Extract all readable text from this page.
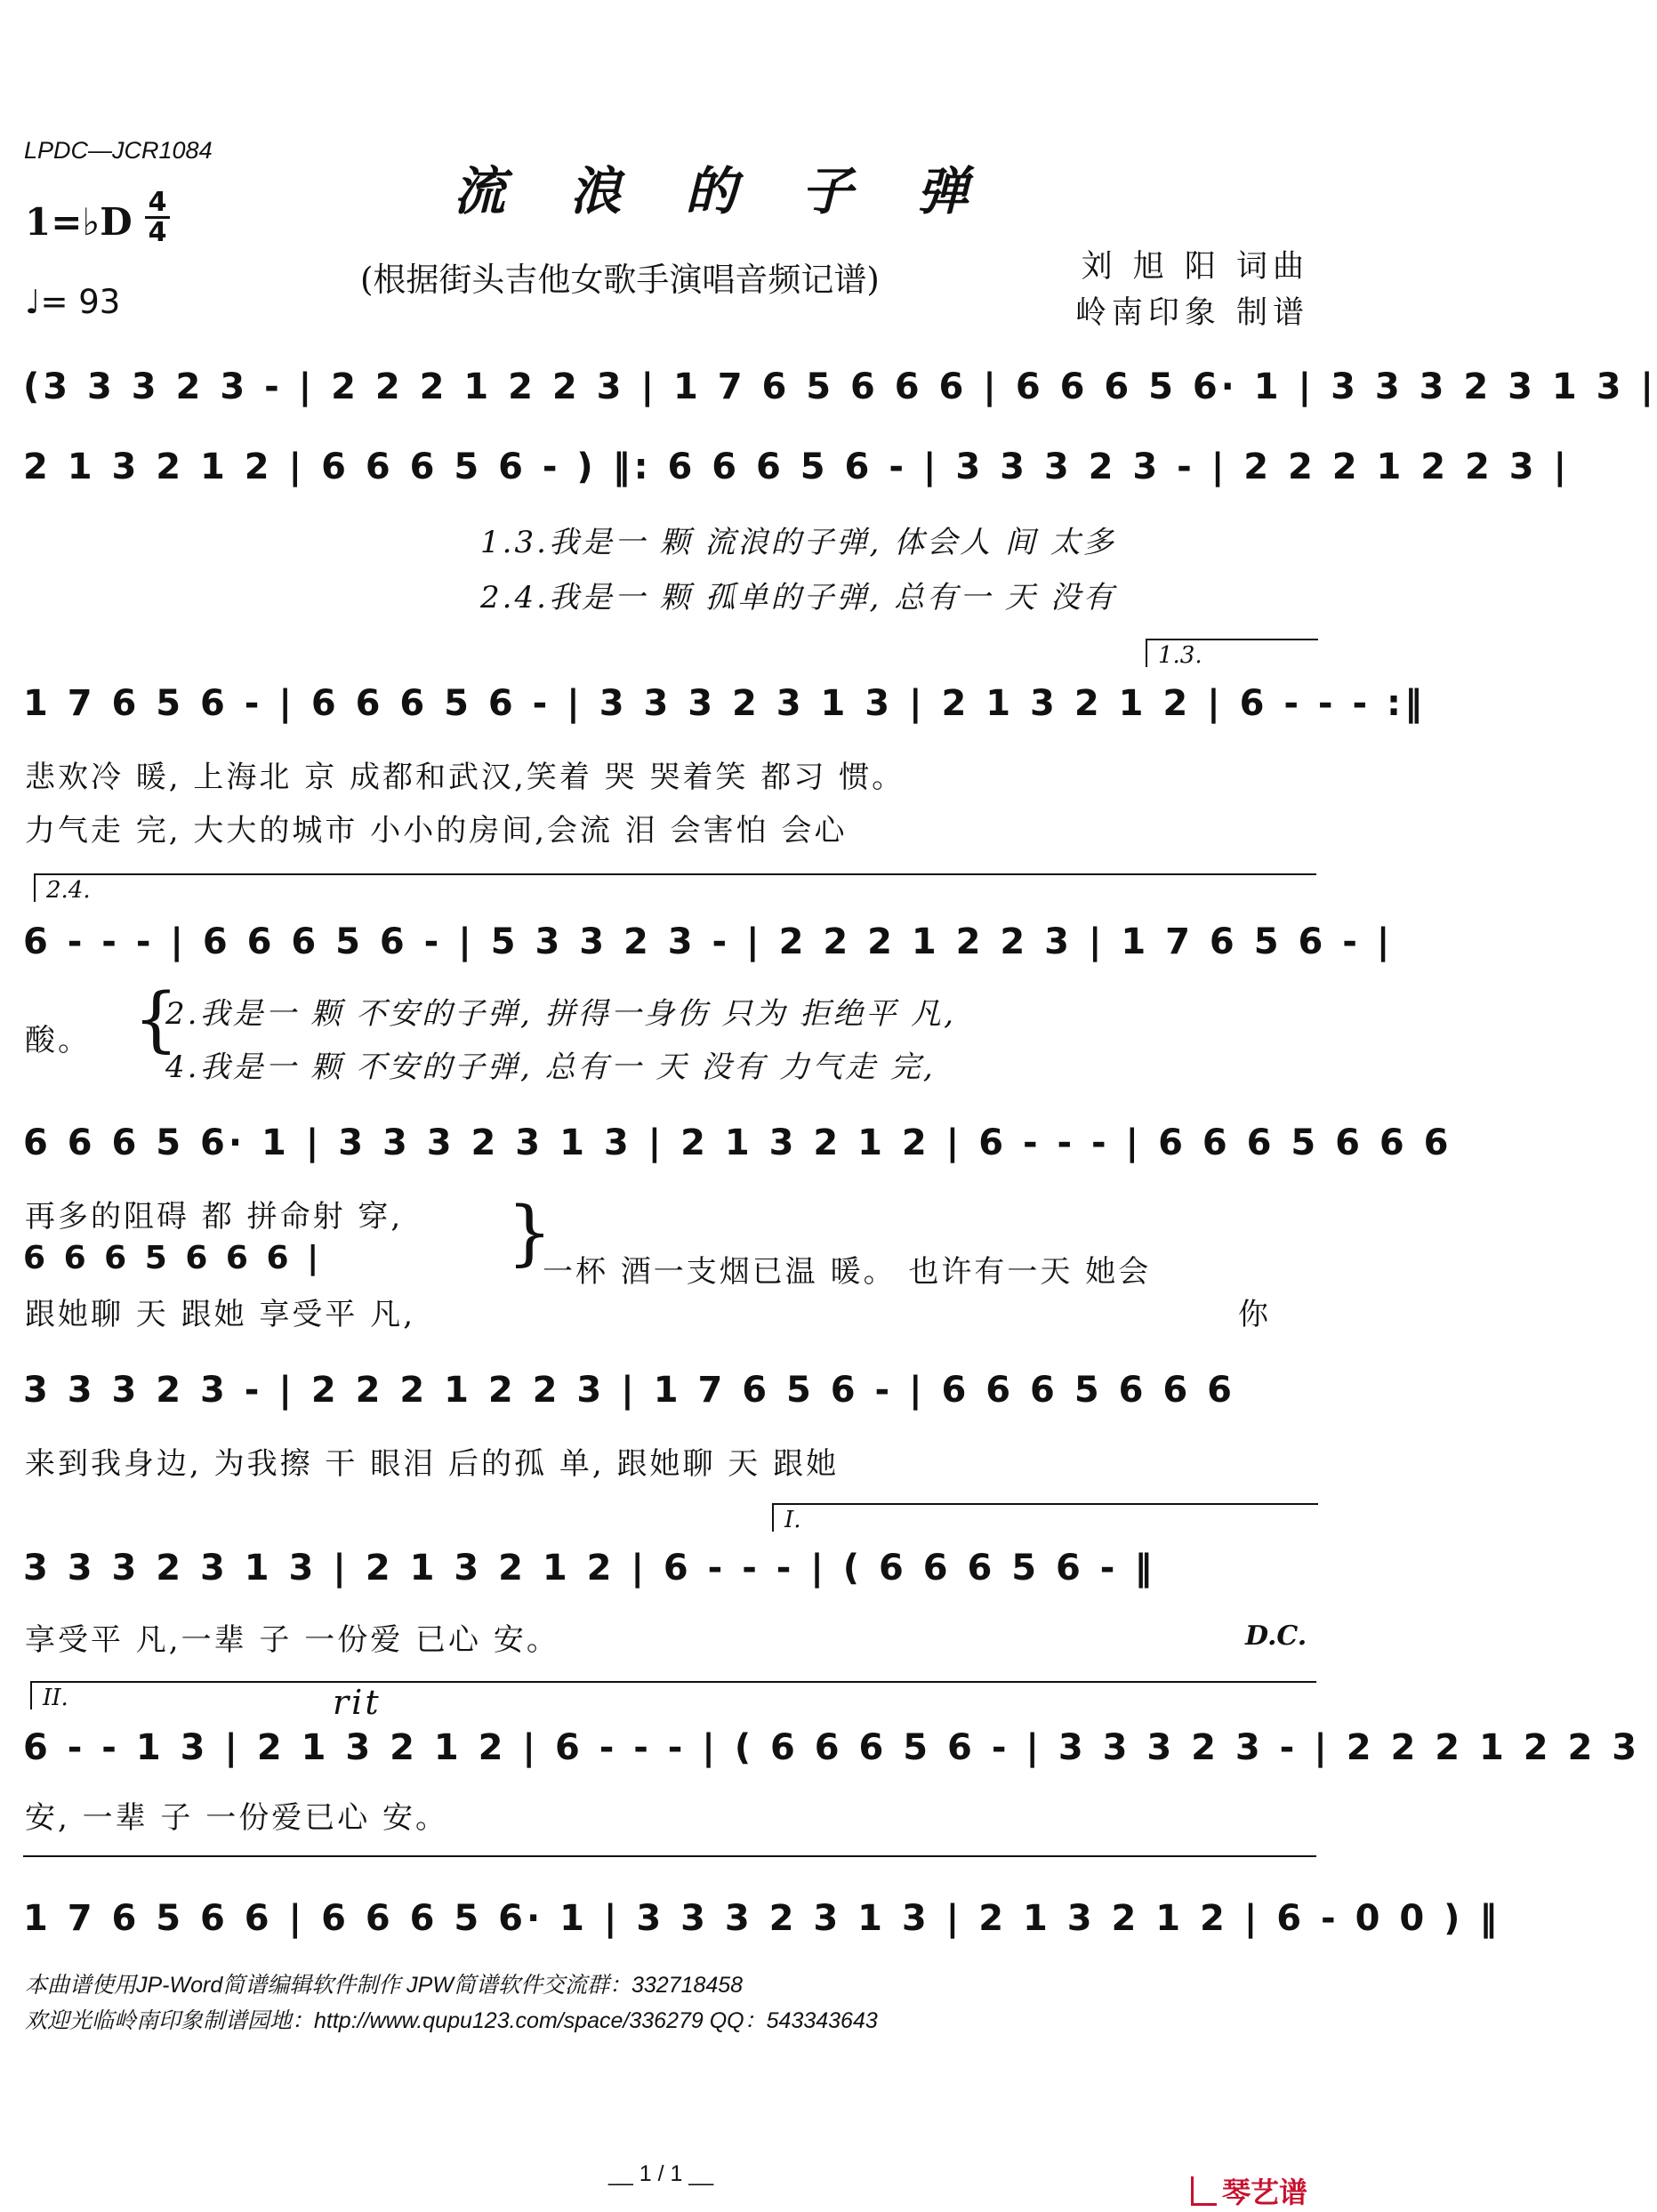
LPDC—JCR1084
流 浪 的 子 弹
(根据街头吉他女歌手演唱音频记谱)
1=♭D 4
4
♩= 93
刘 旭 阳 词曲
岭南印象 制谱
(3 3 3 2 3 - | 2 2 2 1 2 2 3 | 1 7 6 5 6 6 6 | 6 6 6 5 6· 1 | 3 3 3 2 3 1 3 |
2 1 3 2 1 2 | 6 6 6 5 6 - ) ‖: 6 6 6 5 6 - | 3 3 3 2 3 - | 2 2 2 1 2 2 3 |
1.3.我是一 颗 流浪的子弹, 体会人 间 太多
2.4.我是一 颗 孤单的子弹, 总有一 天 没有
1.3.
1 7 6 5 6 - | 6 6 6 5 6 - | 3 3 3 2 3 1 3 | 2 1 3 2 1 2 | 6 - - - :‖
悲欢冷 暖, 上海北 京 成都和武汉,笑着 哭 哭着笑 都习 惯。
力气走 完, 大大的城市 小小的房间,会流 泪 会害怕 会心
2.4.
6 - - - | 6 6 6 5 6 - | 5 3 3 2 3 - | 2 2 2 1 2 2 3 | 1 7 6 5 6 - |
酸。 {
2.我是一 颗 不安的子弹, 拼得一身伤 只为 拒绝平 凡,
4.我是一 颗 不安的子弹, 总有一 天 没有 力气走 完,
6 6 6 5 6· 1 | 3 3 3 2 3 1 3 | 2 1 3 2 1 2 | 6 - - - | 6 6 6 5 6 6 6
再多的阻碍 都 拼命射 穿,
6 6 6 5 6 6 6 |
跟她聊 天 跟她 享受平 凡,
}
一杯 酒一支烟已温 暖。 也许有一天 她会
你
3 3 3 2 3 - | 2 2 2 1 2 2 3 | 1 7 6 5 6 - | 6 6 6 5 6 6 6
来到我身边, 为我擦 干 眼泪 后的孤 单, 跟她聊 天 跟她
I.
3 3 3 2 3 1 3 | 2 1 3 2 1 2 | 6 - - - | ( 6 6 6 5 6 - ‖
享受平 凡,一辈 子 一份爱 已心 安。	D.C.
II.	rit
6 - - 1 3 | 2 1 3 2 1 2 | 6 - - - | ( 6 6 6 5 6 - | 3 3 3 2 3 - | 2 2 2 1 2 2 3
安, 一辈 子 一份爱已心 安。
1 7 6 5 6 6 | 6 6 6 5 6· 1 | 3 3 3 2 3 1 3 | 2 1 3 2 1 2 | 6 - 0 0 ) ‖
本曲谱使用JP-Word简谱编辑软件制作 JPW简谱软件交流群：332718458
欢迎光临岭南印象制谱园地：http://www.qupu123.com/space/336279 QQ：543343643
__ 1 / 1 __
琴艺谱
